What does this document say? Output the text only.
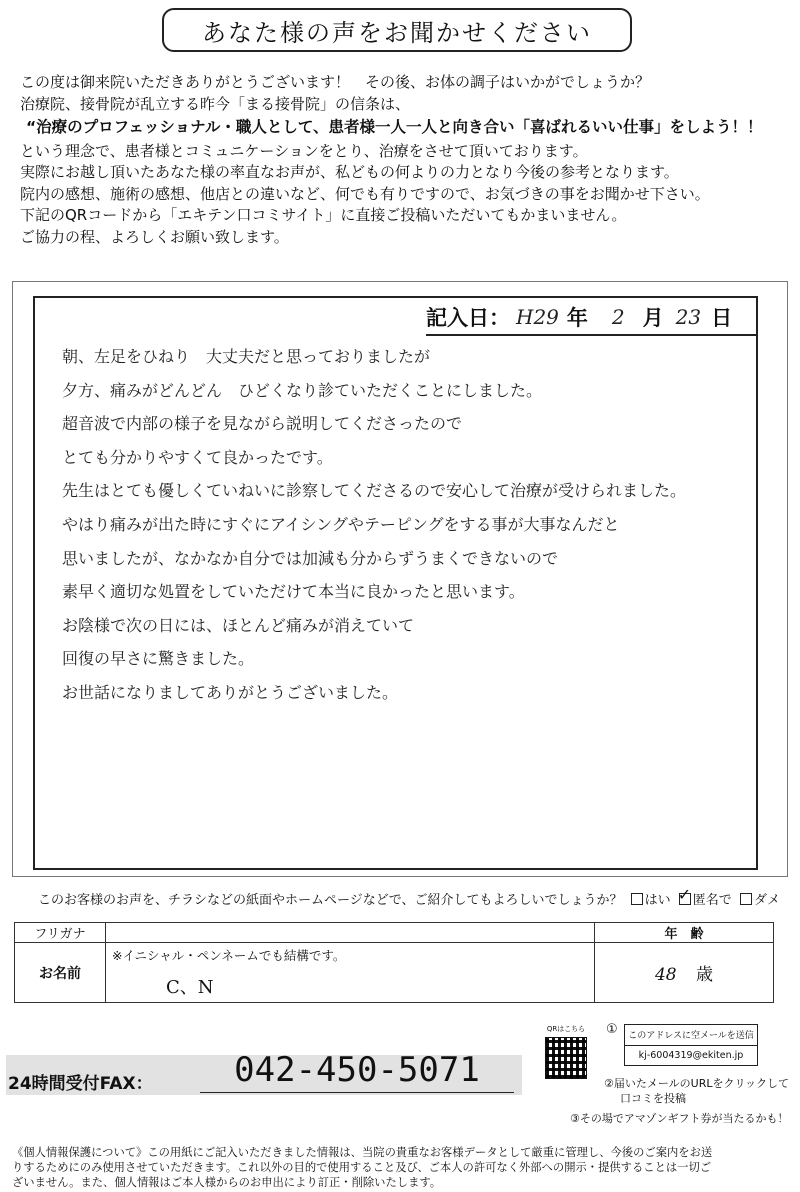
あなた様の声をお聞かせください
この度は御来院いただきありがとうございます！　その後、お体の調子はいかがでしょうか？
治療院、接骨院が乱立する昨今「まる接骨院」の信条は、
“治療のプロフェッショナル・職人として、患者様一人一人と向き合い「喜ばれるいい仕事」をしよう！！
という理念で、患者様とコミュニケーションをとり、治療をさせて頂いております。
実際にお越し頂いたあなた様の率直なお声が、私どもの何よりの力となり今後の参考となります。
院内の感想、施術の感想、他店との違いなど、何でも有りですので、お気づきの事をお聞かせ下さい。
下記のQRコードから「エキテン口コミサイト」に直接ご投稿いただいてもかまいません。
ご協力の程、よろしくお願い致します。
記入日： H29 年 2 月 23 日
朝、左足をひねり　大丈夫だと思っておりましたが
夕方、痛みがどんどん　ひどくなり診ていただくことにしました。
超音波で内部の様子を見ながら説明してくださったので
とても分かりやすくて良かったです。
先生はとても優しくていねいに診察してくださるので安心して治療が受けられました。
やはり痛みが出た時にすぐにアイシングやテーピングをする事が大事なんだと
思いましたが、なかなか自分では加減も分からずうまくできないので
素早く適切な処置をしていただけて本当に良かったと思います。
お陰様で次の日には、ほとんど痛みが消えていて
回復の早さに驚きました。
お世話になりましてありがとうございました。
このお客様のお声を、チラシなどの紙面やホームページなどで、ご紹介してもよろしいでしょうか？ はい ✓ 匿名で ダメ
フリガナ		年　齢
お名前	※イニシャル・ペンネームでも結構です。
C、N	48 歳
24時間受付FAX：	042-450-5071
QRはこちら	①	このアドレスに空メールを送信
kj-6004319@ekiten.jp
②届いたメールのURLをクリックして
口コミを投稿
③その場でアマゾンギフト券が当たるかも！
《個人情報保護について》この用紙にご記入いただきました情報は、当院の貴重なお客様データとして厳重に管理し、今後のご案内をお送
りするためにのみ使用させていただきます。これ以外の目的で使用すること及び、ご本人の許可なく外部への開示・提供することは一切ご
ざいません。また、個人情報はご本人様からのお申出により訂正・削除いたします。
